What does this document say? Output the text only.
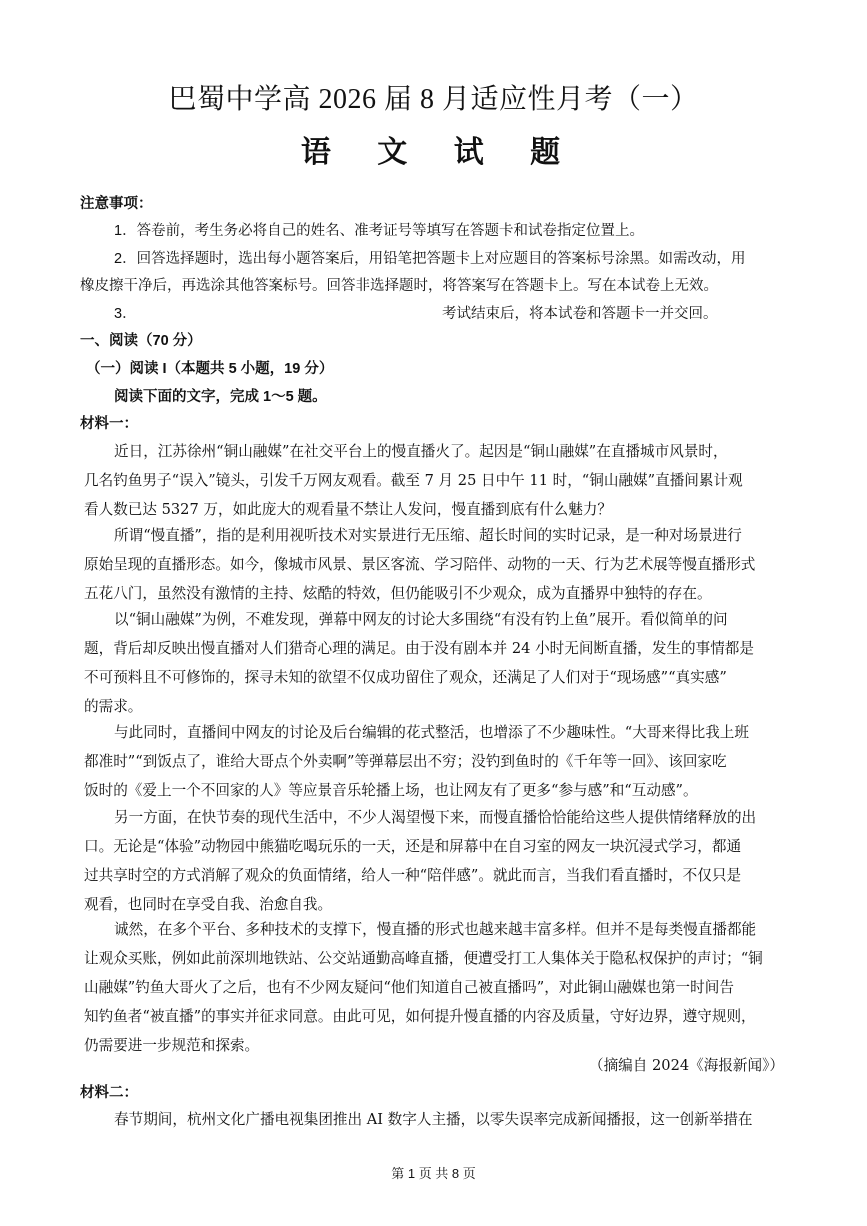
巴蜀中学高 2026 届 8 月适应性月考（一）
语 文 试 题
注意事项：
1．答卷前，考生务必将自己的姓名、准考证号等填写在答题卡和试卷指定位置上。
2．回答选择题时，选出每小题答案后，用铅笔把答题卡上对应题目的答案标号涂黑。如需改动，用
橡皮擦干净后，再选涂其他答案标号。回答非选择题时，将答案写在答题卡上。写在本试卷上无效。
3．	考试结束后，将本试卷和答题卡一并交回。
一、阅读（70 分）
（一）阅读 I（本题共 5 小题，19 分）
阅读下面的文字，完成 1～5 题。
材料一：
近日，江苏徐州“铜山融媒”在社交平台上的慢直播火了。起因是“铜山融媒”在直播城市风景时，
几名钓鱼男子“误入”镜头，引发千万网友观看。截至 7 月 25 日中午 11 时，“铜山融媒”直播间累计观
看人数已达 5327 万，如此庞大的观看量不禁让人发问，慢直播到底有什么魅力？
所谓“慢直播”，指的是利用视听技术对实景进行无压缩、超长时间的实时记录，是一种对场景进行
原始呈现的直播形态。如今，像城市风景、景区客流、学习陪伴、动物的一天、行为艺术展等慢直播形式
五花八门，虽然没有激情的主持、炫酷的特效，但仍能吸引不少观众，成为直播界中独特的存在。
以“铜山融媒”为例，不难发现，弹幕中网友的讨论大多围绕“有没有钓上鱼”展开。看似简单的问
题，背后却反映出慢直播对人们猎奇心理的满足。由于没有剧本并 24 小时无间断直播，发生的事情都是
不可预料且不可修饰的，探寻未知的欲望不仅成功留住了观众，还满足了人们对于“现场感”“真实感”
的需求。
与此同时，直播间中网友的讨论及后台编辑的花式整活，也增添了不少趣味性。“大哥来得比我上班
都准时”“到饭点了，谁给大哥点个外卖啊”等弹幕层出不穷；没钓到鱼时的《千年等一回》、该回家吃
饭时的《爱上一个不回家的人》等应景音乐轮播上场，也让网友有了更多“参与感”和“互动感”。
另一方面，在快节奏的现代生活中，不少人渴望慢下来，而慢直播恰恰能给这些人提供情绪释放的出
口。无论是“体验”动物园中熊猫吃喝玩乐的一天，还是和屏幕中在自习室的网友一块沉浸式学习，都通
过共享时空的方式消解了观众的负面情绪，给人一种“陪伴感”。就此而言，当我们看直播时，不仅只是
观看，也同时在享受自我、治愈自我。
诚然，在多个平台、多种技术的支撑下，慢直播的形式也越来越丰富多样。但并不是每类慢直播都能
让观众买账，例如此前深圳地铁站、公交站通勤高峰直播，便遭受打工人集体关于隐私权保护的声讨；“铜
山融媒”钓鱼大哥火了之后，也有不少网友疑问“他们知道自己被直播吗”，对此铜山融媒也第一时间告
知钓鱼者“被直播”的事实并征求同意。由此可见，如何提升慢直播的内容及质量，守好边界，遵守规则，
仍需要进一步规范和探索。
（摘编自 2024《海报新闻》）
材料二：
春节期间，杭州文化广播电视集团推出 AI 数字人主播，以零失误率完成新闻播报，这一创新举措在
第 1 页 共 8 页
